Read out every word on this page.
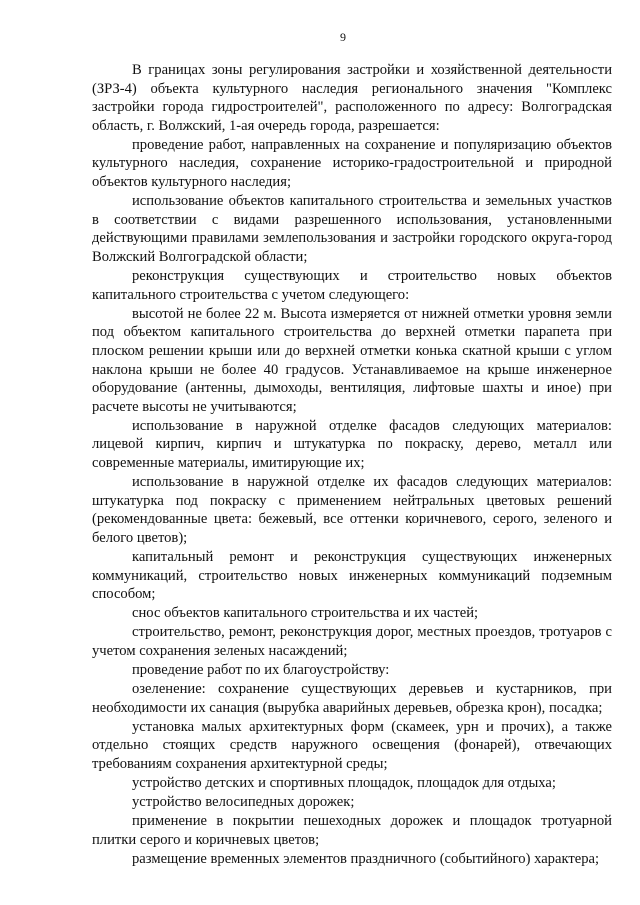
9

В границах зоны регулирования застройки и хозяйственной деятельности (ЗРЗ-4) объекта культурного наследия регионального значения "Комплекс застройки города гидростроителей", расположенного по адресу: Волгоградская область, г. Волжский, 1-ая очередь города, разрешается:

проведение работ, направленных на сохранение и популяризацию объектов культурного наследия, сохранение историко-градостроительной и природной объектов культурного наследия;

использование объектов капитального строительства и земельных участков в соответствии с видами разрешенного использования, установленными действующими правилами землепользования и застройки городского округа-город Волжский Волгоградской области;

реконструкция существующих и строительство новых объектов капитального строительства с учетом следующего:

высотой не более 22 м. Высота измеряется от нижней отметки уровня земли под объектом капитального строительства до верхней отметки парапета при плоском решении крыши или до верхней отметки конька скатной крыши с углом наклона крыши не более 40 градусов. Устанавливаемое на крыше инженерное оборудование (антенны, дымоходы, вентиляция, лифтовые шахты и иное) при расчете высоты не учитываются;

использование в наружной отделке фасадов следующих материалов: лицевой кирпич, кирпич и штукатурка по покраску, дерево, металл или современные материалы, имитирующие их;

использование в наружной отделке их фасадов следующих материалов: штукатурка под покраску с применением нейтральных цветовых решений (рекомендованные цвета: бежевый, все оттенки коричневого, серого, зеленого и белого цветов);

капитальный ремонт и реконструкция существующих инженерных коммуникаций, строительство новых инженерных коммуникаций подземным способом;

снос объектов капитального строительства и их частей;

строительство, ремонт, реконструкция дорог, местных проездов, тротуаров с учетом сохранения зеленых насаждений;

проведение работ по их благоустройству:

озеленение: сохранение существующих деревьев и кустарников, при необходимости их санация (вырубка аварийных деревьев, обрезка крон), посадка;

установка малых архитектурных форм (скамеек, урн и прочих), а также отдельно стоящих средств наружного освещения (фонарей), отвечающих требованиям сохранения архитектурной среды;

устройство детских и спортивных площадок, площадок для отдыха;

устройство велосипедных дорожек;

применение в покрытии пешеходных дорожек и площадок тротуарной плитки серого и коричневых цветов;

размещение временных элементов праздничного (событийного) характера;
